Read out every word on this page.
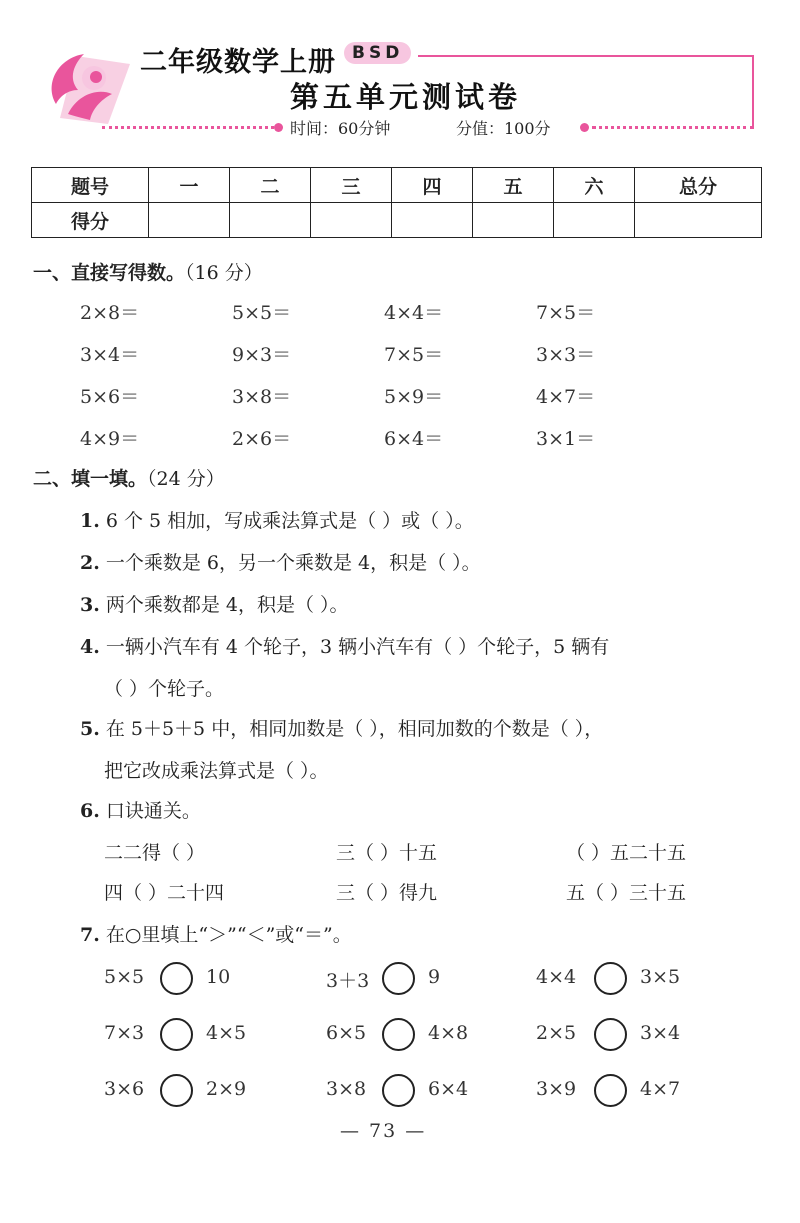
二年级数学上册 BSD
第五单元测试卷
时间：60分钟	分值：100分
题号	一	二	三	四	五	六	总分
得分							
一、直接写得数。（16 分）
2×8＝	5×5＝	4×4＝	7×5＝
3×4＝	9×3＝	7×5＝	3×3＝
5×6＝	3×8＝	5×9＝	4×7＝
4×9＝	2×6＝	6×4＝	3×1＝
二、填一填。（24 分）
1. 6 个 5 相加，写成乘法算式是（ ）或（ ）。
2. 一个乘数是 6，另一个乘数是 4，积是（ ）。
3. 两个乘数都是 4，积是（ ）。
4. 一辆小汽车有 4 个轮子，3 辆小汽车有（ ）个轮子，5 辆有
（ ）个轮子。
5. 在 5＋5＋5 中，相同加数是（ ），相同加数的个数是（ ），
把它改成乘法算式是（ ）。
6. 口诀通关。
二二得（ ）	三（ ）十五	（ ）五二十五
四（ ）二十四	三（ ）得九	五（ ）三十五
7. 在○里填上“＞”“＜”或“＝”。
5×5	10	3＋3	9	4×4	3×5
7×3	4×5	6×5	4×8	2×5	3×4
3×6	2×9	3×8	6×4	3×9	4×7
— 73 —
